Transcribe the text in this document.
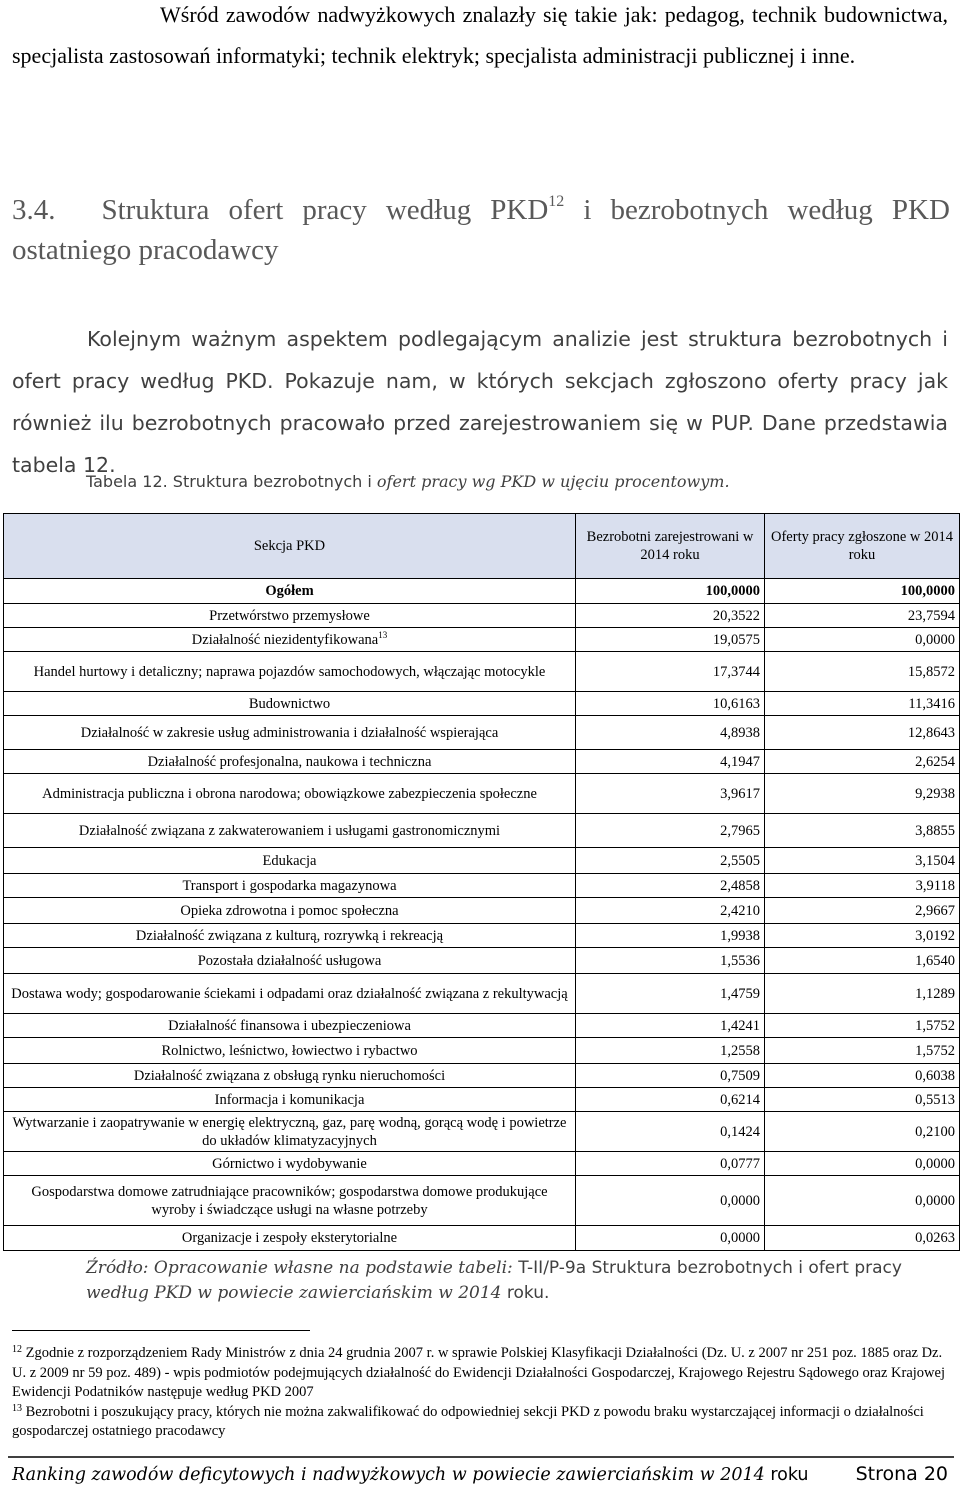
Wśród zawodów nadwyżkowych znalazły się takie jak: pedagog, technik budownictwa, specjalista zastosowań informatyki; technik elektryk; specjalista administracji publicznej i inne.

3.4. Struktura ofert pracy według PKD$^{12}$ i bezrobotnych według PKD
ostatniego pracodawcy

Kolejnym ważnym aspektem podlegającym analizie jest struktura bezrobotnych i ofert pracy według PKD. Pokazuje nam, w których sekcjach zgłoszono oferty pracy jak również ilu bezrobotnych pracowało przed zarejestrowaniem się w PUP. Dane przedstawia tabela 12.

Tabela 12. Struktura bezrobotnych i ofert pracy wg PKD w ujęciu procentowym.

Sekcja PKD	Bezrobotni zarejestrowani w 2014 roku	Oferty pracy zgłoszone w 2014 roku
Ogółem	100,0000	100,0000
Przetwórstwo przemysłowe	20,3522	23,7594
Działalność niezidentyfikowana$^{13}$	19,0575	0,0000
Handel hurtowy i detaliczny; naprawa pojazdów samochodowych, włączając motocykle	17,3744	15,8572
Budownictwo	10,6163	11,3416
Działalność w zakresie usług administrowania i działalność wspierająca	4,8938	12,8643
Działalność profesjonalna, naukowa i techniczna	4,1947	2,6254
Administracja publiczna i obrona narodowa; obowiązkowe zabezpieczenia społeczne	3,9617	9,2938
Działalność związana z zakwaterowaniem i usługami gastronomicznymi	2,7965	3,8855
Edukacja	2,5505	3,1504
Transport i gospodarka magazynowa	2,4858	3,9118
Opieka zdrowotna i pomoc społeczna	2,4210	2,9667
Działalność związana z kulturą, rozrywką i rekreacją	1,9938	3,0192
Pozostała działalność usługowa	1,5536	1,6540
Dostawa wody; gospodarowanie ściekami i odpadami oraz działalność związana z rekultywacją	1,4759	1,1289
Działalność finansowa i ubezpieczeniowa	1,4241	1,5752
Rolnictwo, leśnictwo, łowiectwo i rybactwo	1,2558	1,5752
Działalność związana z obsługą rynku nieruchomości	0,7509	0,6038
Informacja i komunikacja	0,6214	0,5513
Wytwarzanie i zaopatrywanie w energię elektryczną, gaz, parę wodną, gorącą wodę i powietrze do układów klimatyzacyjnych	0,1424	0,2100
Górnictwo i wydobywanie	0,0777	0,0000
Gospodarstwa domowe zatrudniające pracowników; gospodarstwa domowe produkujące wyroby i świadczące usługi na własne potrzeby	0,0000	0,0000
Organizacje i zespoły eksterytorialne	0,0000	0,0263

Źródło: Opracowanie własne na podstawie tabeli: T-II/P-9a Struktura bezrobotnych i ofert pracy według PKD w powiecie zawierciańskim w 2014 roku.

$^{12}$ Zgodnie z rozporządzeniem Rady Ministrów z dnia 24 grudnia 2007 r. w sprawie Polskiej Klasyfikacji Działalności (Dz. U. z 2007 nr 251 poz. 1885 oraz Dz. U. z 2009 nr 59 poz. 489) - wpis podmiotów podejmujących działalność do Ewidencji Działalności Gospodarczej, Krajowego Rejestru Sądowego oraz Krajowej Ewidencji Podatników następuje według PKD 2007

$^{13}$ Bezrobotni i poszukujący pracy, których nie można zakwalifikować do odpowiedniej sekcji PKD z powodu braku wystarczającej informacji o działalności gospodarczej ostatniego pracodawcy

Ranking zawodów deficytowych i nadwyżkowych w powiecie zawierciańskim w 2014 roku Strona 20
